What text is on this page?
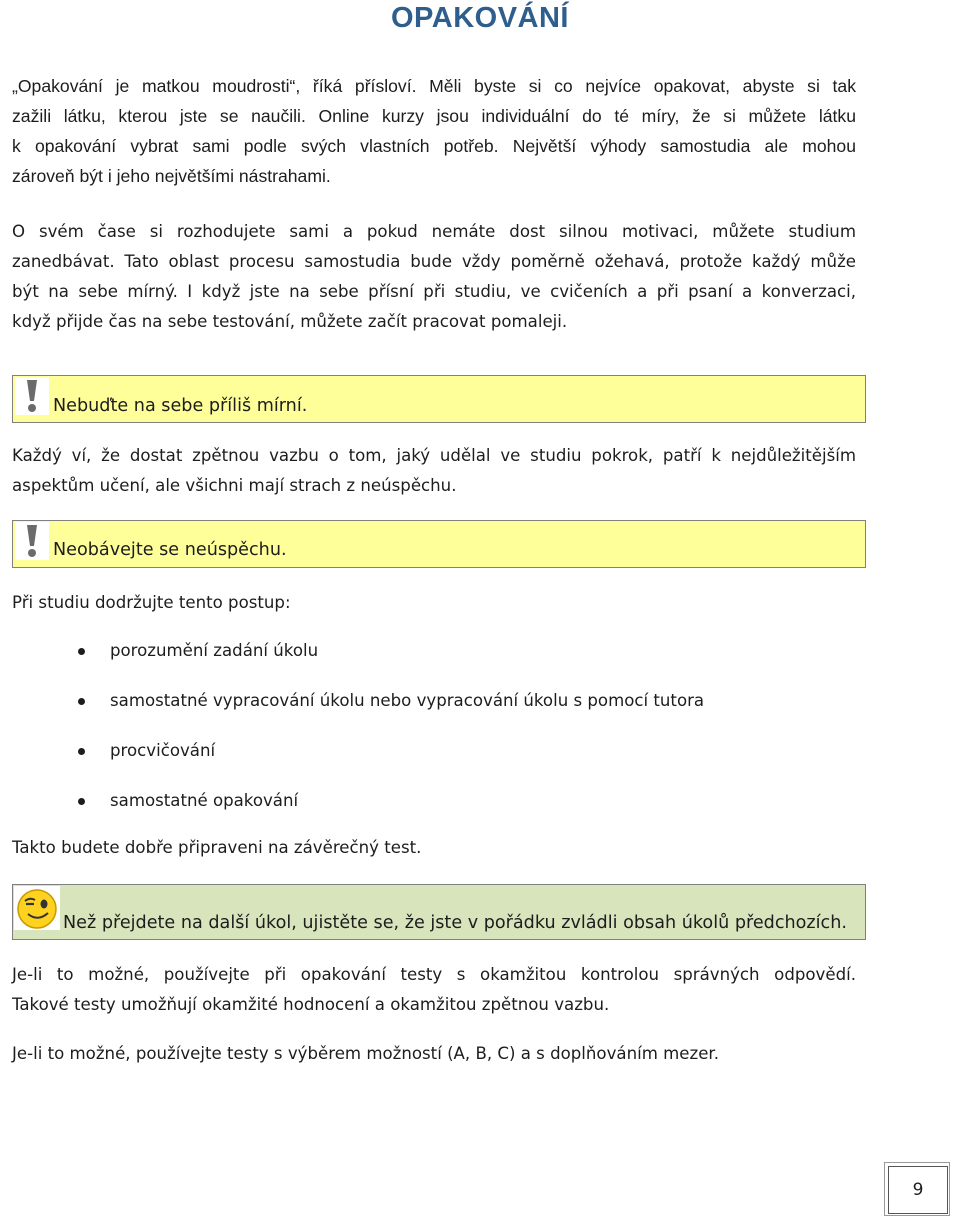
OPAKOVÁNÍ

„Opakování je matkou moudrosti“, říká přísloví. Měli byste si co nejvíce opakovat, abyste si tak
zažili látku, kterou jste se naučili. Online kurzy jsou individuální do té míry, že si můžete látku
k opakování vybrat sami podle svých vlastních potřeb. Největší výhody samostudia ale mohou
zároveň být i jeho největšími nástrahami.

O svém čase si rozhodujete sami a pokud nemáte dost silnou motivaci, můžete studium
zanedbávat. Tato oblast procesu samostudia bude vždy poměrně ožehavá, protože každý může
být na sebe mírný. I když jste na sebe přísní při studiu, ve cvičeních a při psaní a konverzaci,
když přijde čas na sebe testování, můžete začít pracovat pomaleji.

Nebuďte na sebe příliš mírní.

Každý ví, že dostat zpětnou vazbu o tom, jaký udělal ve studiu pokrok, patří k nejdůležitějším
aspektům učení, ale všichni mají strach z neúspěchu.

Neobávejte se neúspěchu.

Při studiu dodržujte tento postup:

porozumění zadání úkolu
samostatné vypracování úkolu nebo vypracování úkolu s pomocí tutora
procvičování
samostatné opakování

Takto budete dobře připraveni na závěrečný test.

Než přejdete na další úkol, ujistěte se, že jste v pořádku zvládli obsah úkolů předchozích.

Je-li to možné, používejte při opakování testy s okamžitou kontrolou správných odpovědí.
Takové testy umožňují okamžité hodnocení a okamžitou zpětnou vazbu.

Je-li to možné, používejte testy s výběrem možností (A, B, C) a s doplňováním mezer.

9
